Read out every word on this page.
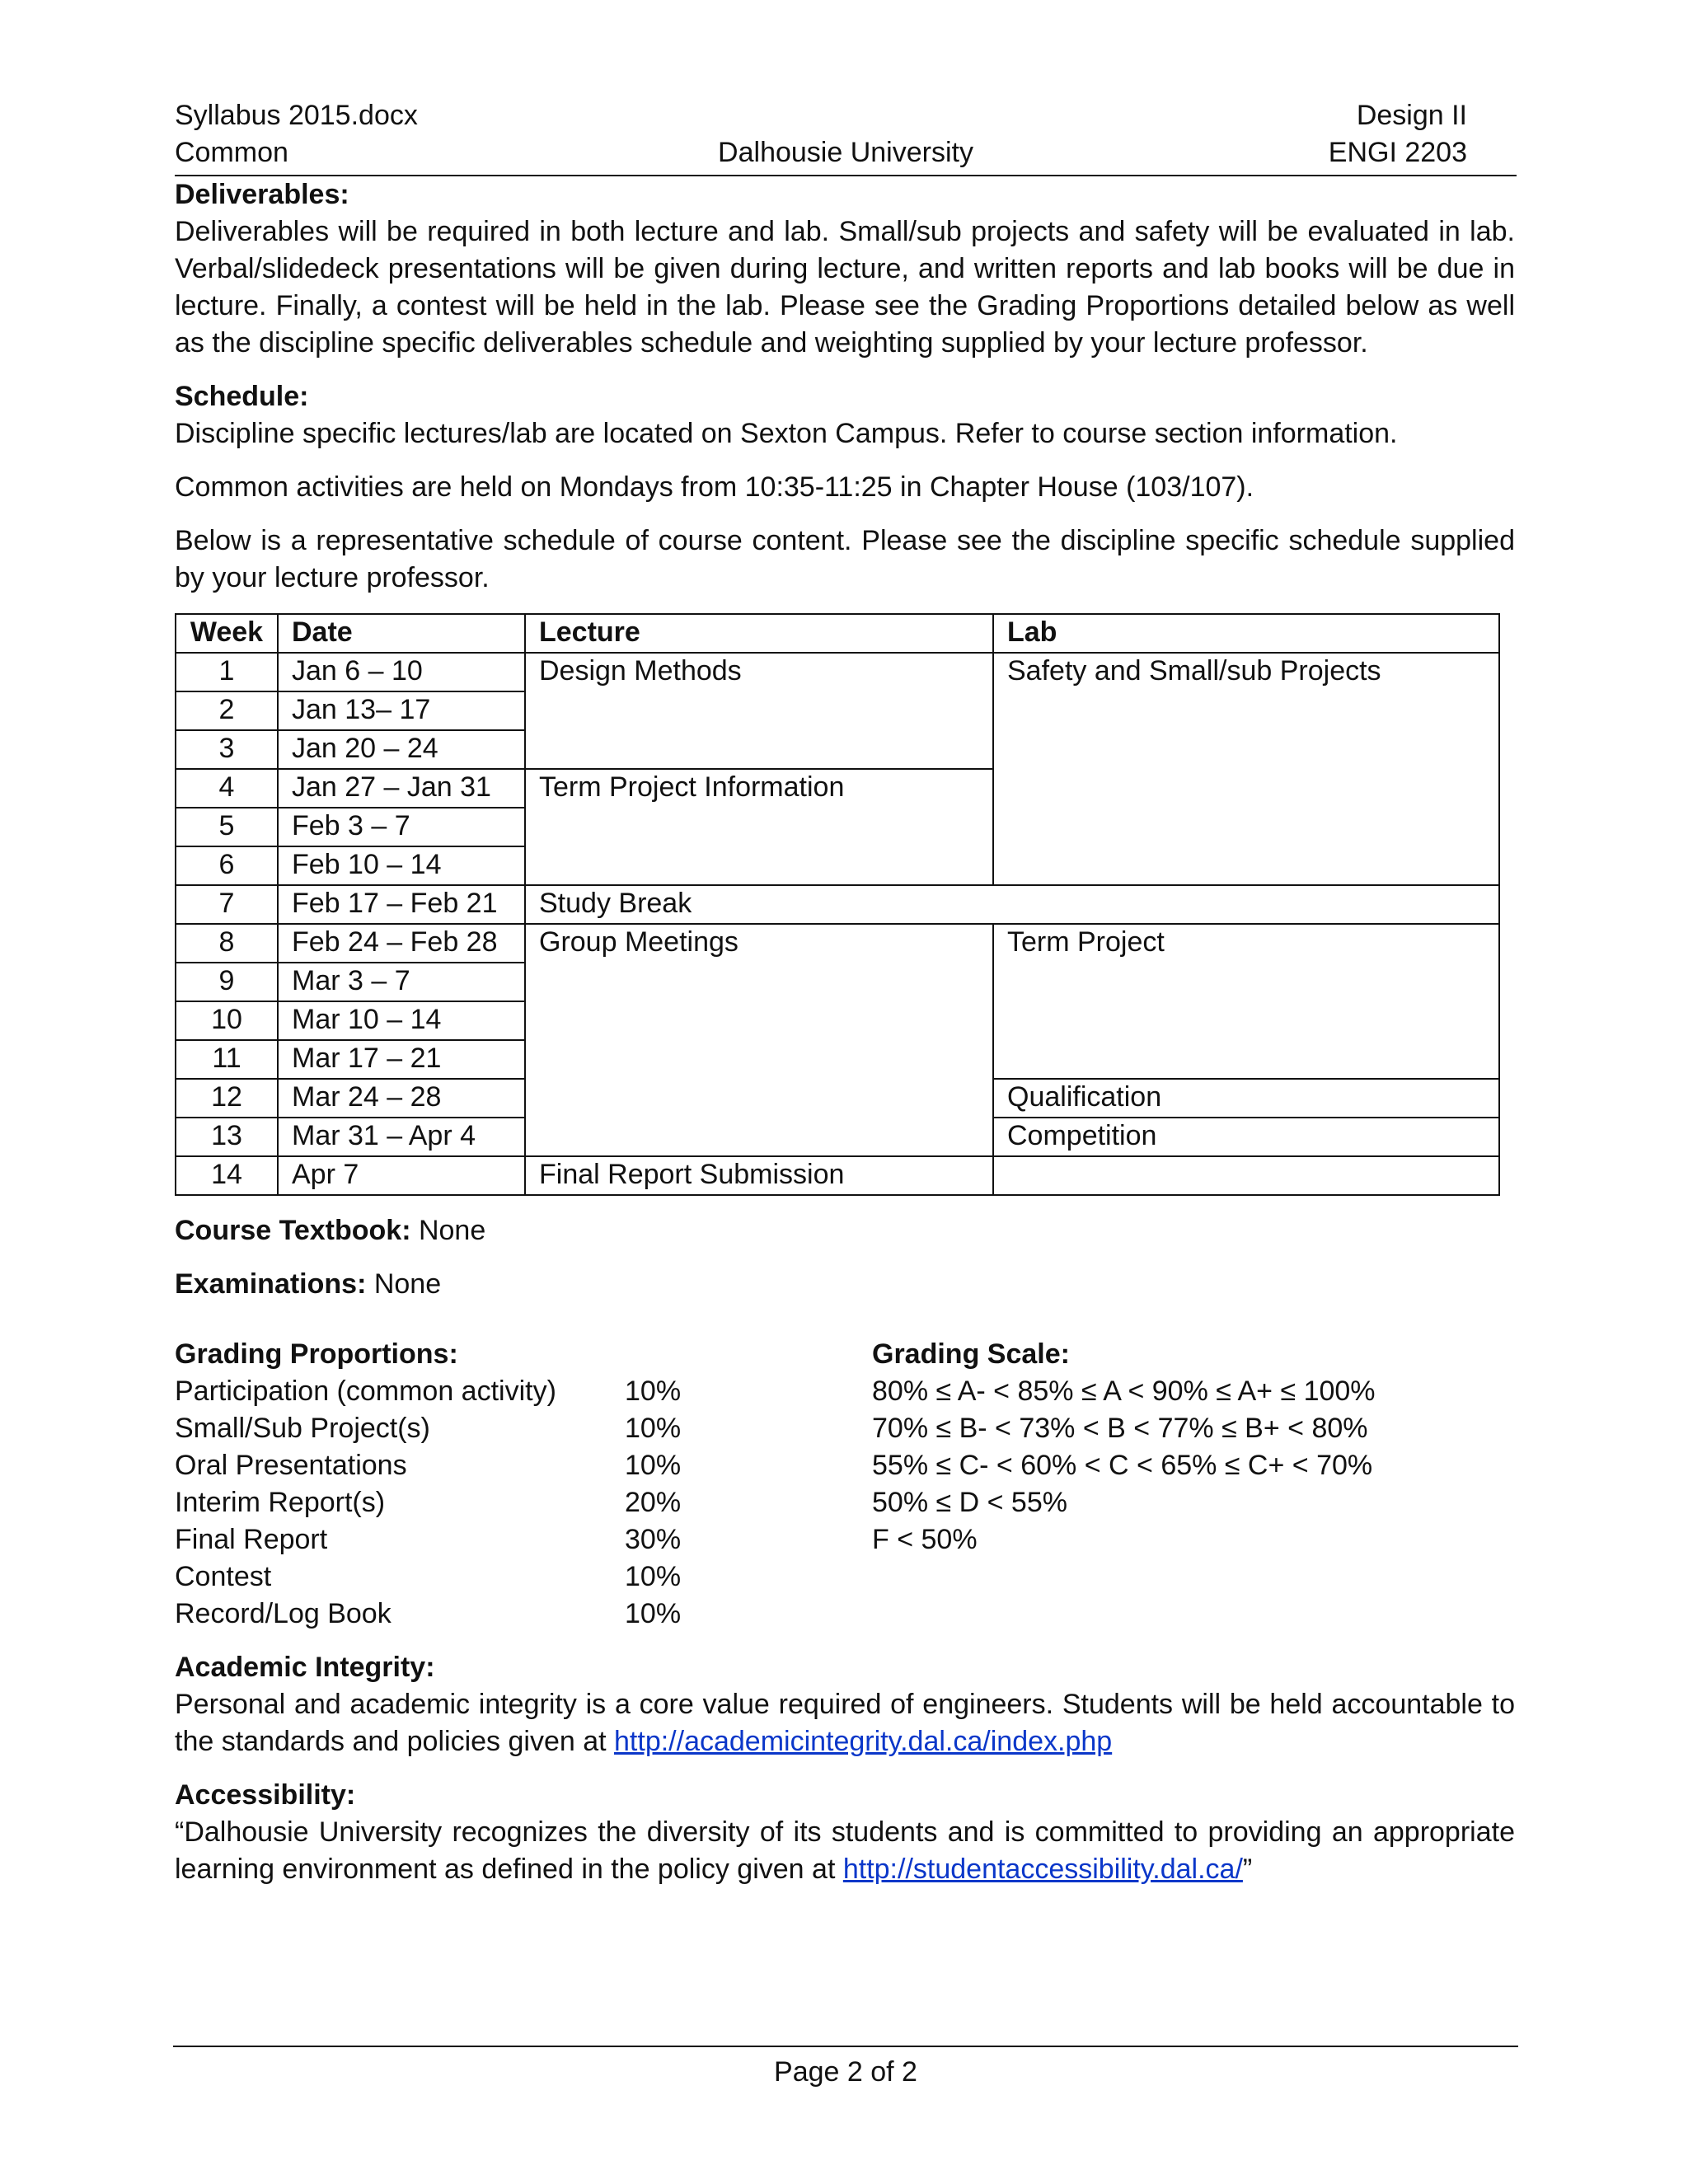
Syllabus 2015.docx	Design II
Common	Dalhousie University	ENGI 2203
Deliverables:

Deliverables will be required in both lecture and lab. Small/sub projects and safety will be evaluated in lab. Verbal/slidedeck presentations will be given during lecture, and written reports and lab books will be due in lecture. Finally, a contest will be held in the lab. Please see the Grading Proportions detailed below as well as the discipline specific deliverables schedule and weighting supplied by your lecture professor.

Schedule:

Discipline specific lectures/lab are located on Sexton Campus. Refer to course section information.

Common activities are held on Mondays from 10:35-11:25 in Chapter House (103/107).

Below is a representative schedule of course content. Please see the discipline specific schedule supplied by your lecture professor.

Week	Date	Lecture	Lab
1	Jan 6 – 10	Design Methods	Safety and Small/sub Projects
2	Jan 13– 17		
3	Jan 20 – 24		
4	Jan 27 – Jan 31	Term Project Information	
5	Feb 3 – 7		
6	Feb 10 – 14		
7	Feb 17 – Feb 21	Study Break	
8	Feb 24 – Feb 28	Group Meetings	Term Project
9	Mar 3 – 7		
10	Mar 10 – 14		
11	Mar 17 – 21		
12	Mar 24 – 28		Qualification
13	Mar 31 – Apr 4		Competition
14	Apr 7	Final Report Submission	

Course Textbook: None

Examinations: None

Grading Proportions:
Participation (common activity)	10%
Small/Sub Project(s)	10%
Oral Presentations	10%
Interim Report(s)	20%
Final Report	30%
Contest	10%
Record/Log Book	10%
Grading Scale:
80% ≤ A- < 85% ≤ A < 90% ≤ A+ ≤ 100%
70% ≤ B- < 73% < B < 77% ≤ B+ < 80%
55% ≤ C- < 60% < C < 65% ≤ C+ < 70%
50% ≤ D < 55%
F < 50%
Academic Integrity:

Personal and academic integrity is a core value required of engineers. Students will be held accountable to the standards and policies given at http://academicintegrity.dal.ca/index.php

Accessibility:

“Dalhousie University recognizes the diversity of its students and is committed to providing an appropriate learning environment as defined in the policy given at http://studentaccessibility.dal.ca/”

Page 2 of 2
